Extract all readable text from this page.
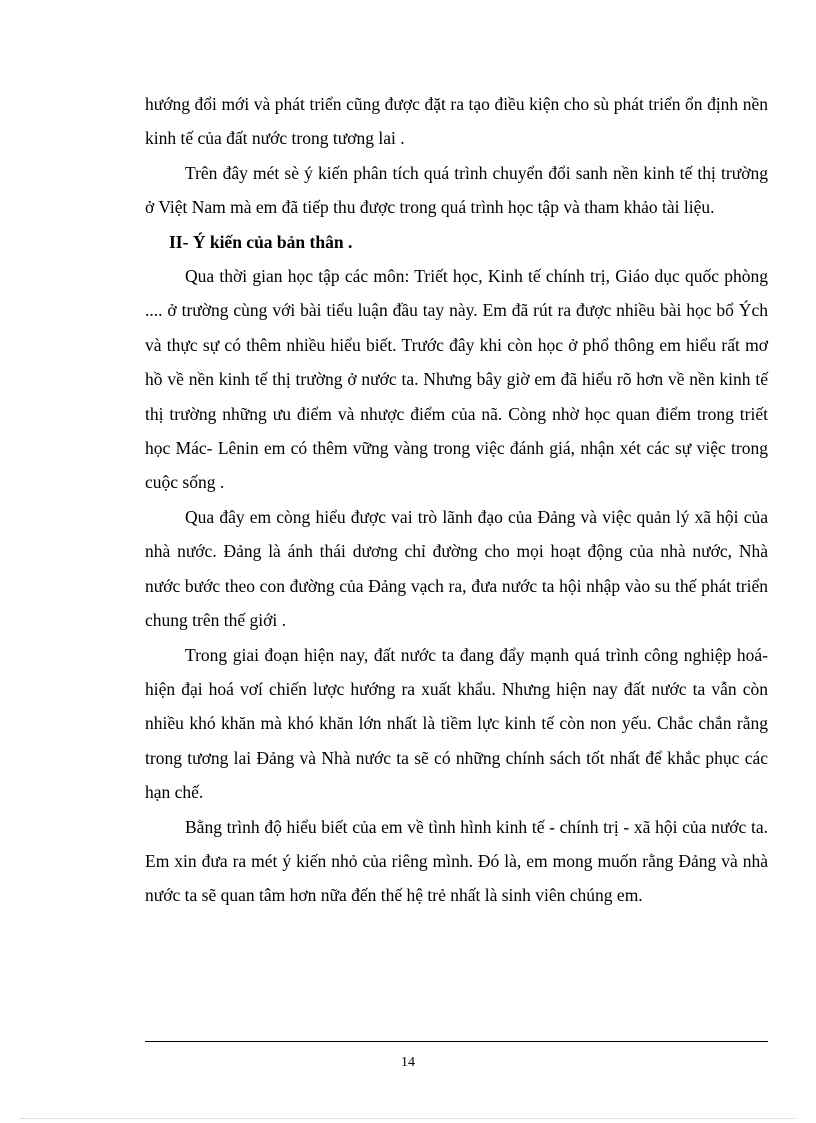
hướng đổi mới và phát triển cũng được đặt ra tạo điều kiện cho sù phát triển ổn định nền kinh tế của đất nước trong tương lai .

Trên đây mét sè ý kiến phân tích quá trình chuyển đổi sanh nền kinh tế thị trường ở Việt Nam mà em đã tiếp thu được trong quá trình học tập và tham khảo tài liệu.

II- Ý kiến của bản thân .

Qua thời gian học tập các môn: Triết học, Kinh tế chính trị, Giáo dục quốc phòng .... ở trường cùng với bài tiểu luận đầu tay này. Em đã rút ra được nhiều bài học bổ Ých và thực sự có thêm nhiều hiểu biết. Trước đây khi còn học ở phổ thông em hiểu rất mơ hồ về nền kinh tế thị trường ở nước ta. Nhưng bây giờ em đã hiểu rõ hơn về nền kinh tế thị trường những ưu điểm và nhược điểm của nã. Còng nhờ học quan điểm trong triết học Mác- Lênin em có thêm vững vàng trong việc đánh giá, nhận xét các sự việc trong cuộc sống .

Qua đây em còng hiểu được vai trò lãnh đạo của Đảng và việc quản lý xã hội của nhà nước. Đảng là ánh thái dương chỉ đường cho mọi hoạt động của nhà nước, Nhà nước bước theo con đường của Đảng vạch ra, đưa nước ta hội nhập vào su thế phát triển chung trên thế giới .

Trong giai đoạn hiện nay, đất nước ta đang đẩy mạnh quá trình công nghiệp hoá- hiện đại hoá vơí chiến lược hướng ra xuất khẩu. Nhưng hiện nay đất nước ta vẫn còn nhiều khó khăn mà khó khăn lớn nhất là tiềm lực kinh tế còn non yếu. Chắc chắn rằng trong tương lai Đảng và Nhà nước ta sẽ có những chính sách tốt nhất để khắc phục các hạn chế.

Bằng trình độ hiểu biết của em về tình hình kinh tế - chính trị - xã hội của nước ta. Em xin đưa ra mét ý kiến nhỏ của riêng mình. Đó là, em mong muốn rằng Đảng và nhà nước ta sẽ quan tâm hơn nữa đến thế hệ trẻ nhất là sinh viên chúng em.

14
